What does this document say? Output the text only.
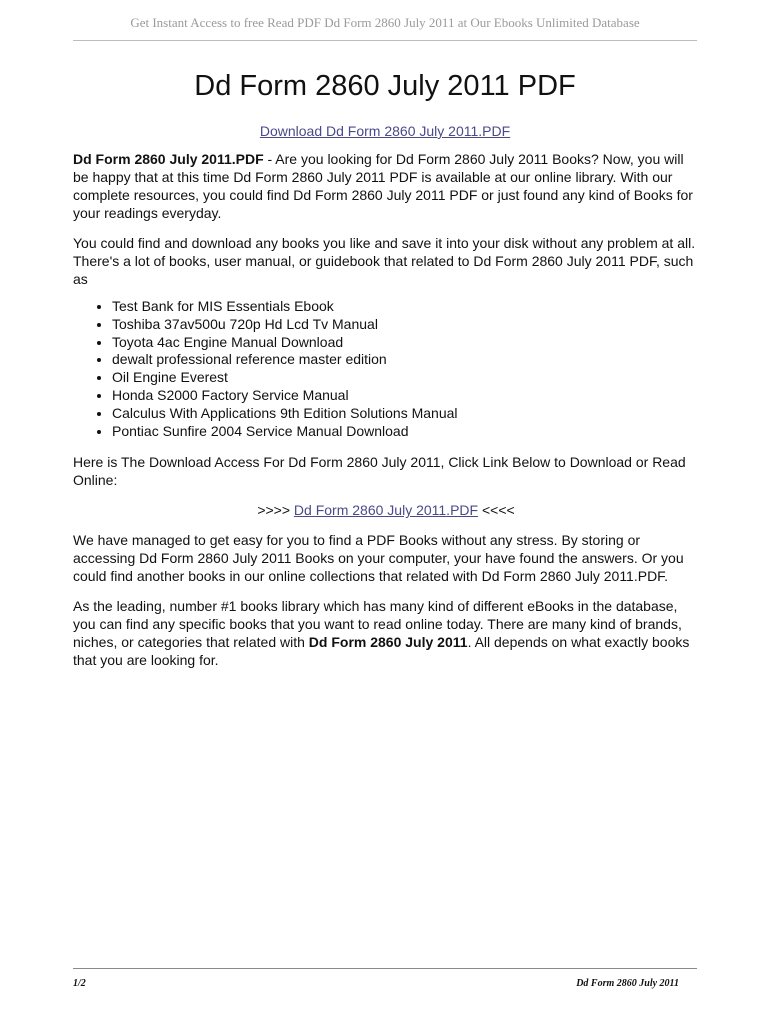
Get Instant Access to free Read PDF Dd Form 2860 July 2011 at Our Ebooks Unlimited Database
Dd Form 2860 July 2011 PDF
Download Dd Form 2860 July 2011.PDF

Dd Form 2860 July 2011.PDF - Are you looking for Dd Form 2860 July 2011 Books? Now, you will be happy that at this time Dd Form 2860 July 2011 PDF is available at our online library. With our complete resources, you could find Dd Form 2860 July 2011 PDF or just found any kind of Books for your readings everyday.

You could find and download any books you like and save it into your disk without any problem at all. There's a lot of books, user manual, or guidebook that related to Dd Form 2860 July 2011 PDF, such as

• Test Bank for MIS Essentials Ebook
• Toshiba 37av500u 720p Hd Lcd Tv Manual
• Toyota 4ac Engine Manual Download
• dewalt professional reference master edition
• Oil Engine Everest
• Honda S2000 Factory Service Manual
• Calculus With Applications 9th Edition Solutions Manual
• Pontiac Sunfire 2004 Service Manual Download

Here is The Download Access For Dd Form 2860 July 2011, Click Link Below to Download or Read Online:

>>>> Dd Form 2860 July 2011.PDF <<<<

We have managed to get easy for you to find a PDF Books without any stress. By storing or accessing Dd Form 2860 July 2011 Books on your computer, your have found the answers. Or you could find another books in our online collections that related with Dd Form 2860 July 2011.PDF.

As the leading, number #1 books library which has many kind of different eBooks in the database, you can find any specific books that you want to read online today. There are many kind of brands, niches, or categories that related with Dd Form 2860 July 2011. All depends on what exactly books that you are looking for.

1/2	Dd Form 2860 July 2011
